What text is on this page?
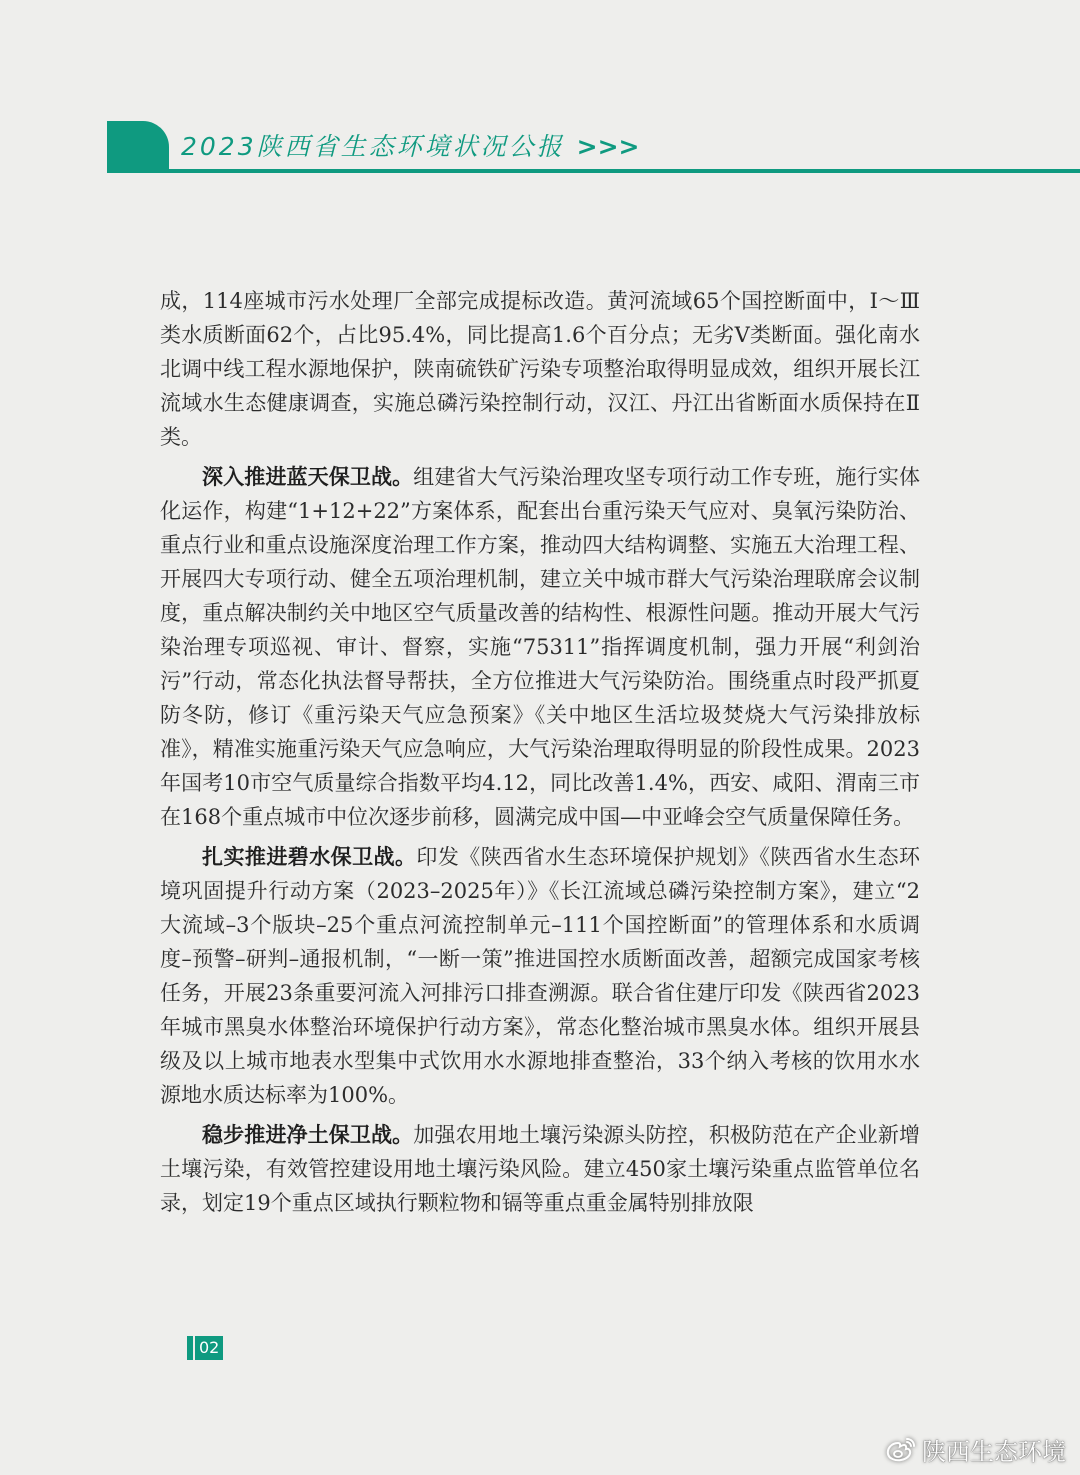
2023陕西省生态环境状况公报 >>>

成，114座城市污水处理厂全部完成提标改造。黄河流域65个国控断面中，Ⅰ～Ⅲ类水质断面62个，占比95.4%，同比提高1.6个百分点；无劣Ⅴ类断面。强化南水北调中线工程水源地保护，陕南硫铁矿污染专项整治取得明显成效，组织开展长江流域水生态健康调查，实施总磷污染控制行动，汉江、丹江出省断面水质保持在Ⅱ类。

深入推进蓝天保卫战。组建省大气污染治理攻坚专项行动工作专班，施行实体化运作，构建“1+12+22”方案体系，配套出台重污染天气应对、臭氧污染防治、重点行业和重点设施深度治理工作方案，推动四大结构调整、实施五大治理工程、开展四大专项行动、健全五项治理机制，建立关中城市群大气污染治理联席会议制度，重点解决制约关中地区空气质量改善的结构性、根源性问题。推动开展大气污染治理专项巡视、审计、督察，实施“75311”指挥调度机制，强力开展“利剑治污”行动，常态化执法督导帮扶，全方位推进大气污染防治。围绕重点时段严抓夏防冬防，修订《重污染天气应急预案》《关中地区生活垃圾焚烧大气污染排放标准》，精准实施重污染天气应急响应，大气污染治理取得明显的阶段性成果。2023年国考10市空气质量综合指数平均4.12，同比改善1.4%，西安、咸阳、渭南三市在168个重点城市中位次逐步前移，圆满完成中国—中亚峰会空气质量保障任务。

扎实推进碧水保卫战。印发《陕西省水生态环境保护规划》《陕西省水生态环境巩固提升行动方案（2023–2025年）》《长江流域总磷污染控制方案》，建立“2大流域–3个版块–25个重点河流控制单元–111个国控断面”的管理体系和水质调度–预警–研判–通报机制，“一断一策”推进国控水质断面改善，超额完成国家考核任务，开展23条重要河流入河排污口排查溯源。联合省住建厅印发《陕西省2023年城市黑臭水体整治环境保护行动方案》，常态化整治城市黑臭水体。组织开展县级及以上城市地表水型集中式饮用水水源地排查整治，33个纳入考核的饮用水水源地水质达标率为100%。

稳步推进净土保卫战。加强农用地土壤污染源头防控，积极防范在产企业新增土壤污染，有效管控建设用地土壤污染风险。建立450家土壤污染重点监管单位名录，划定19个重点区域执行颗粒物和镉等重点重金属特别排放限

02
陕西生态环境
